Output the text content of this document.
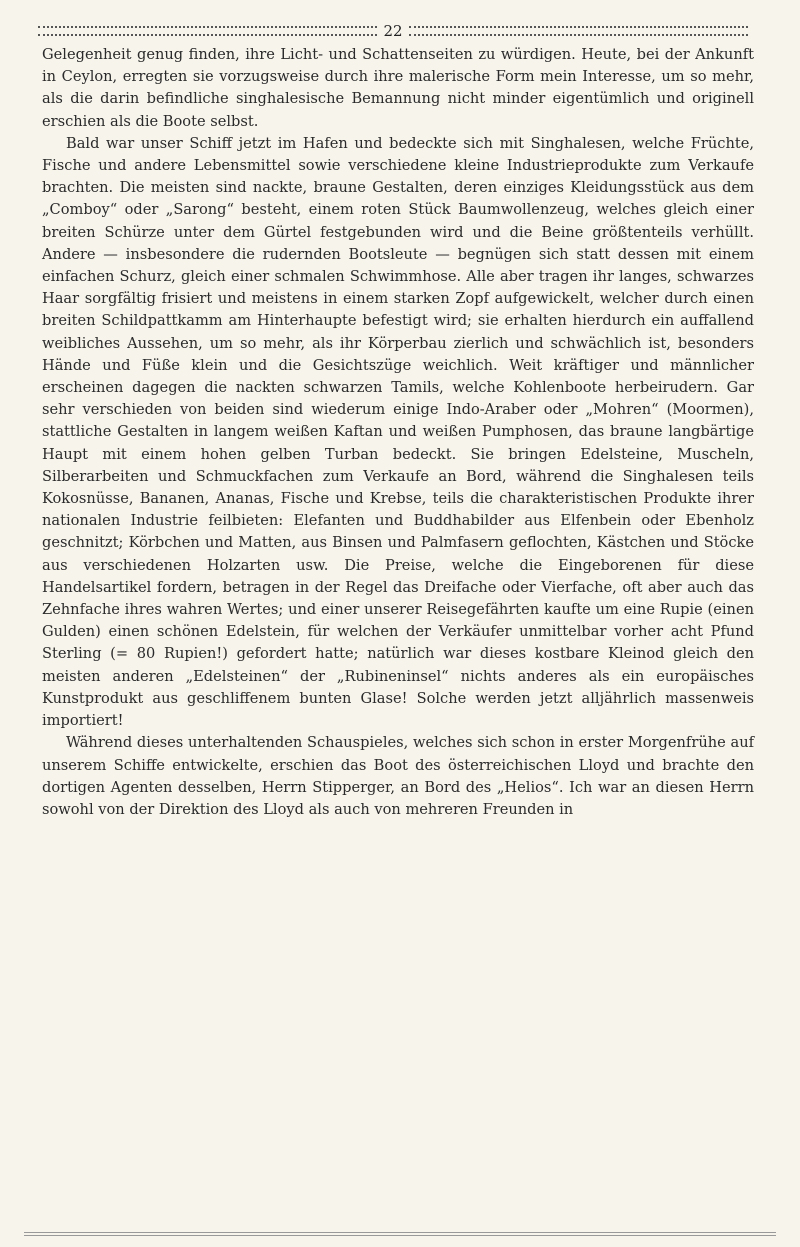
22

Gelegenheit genug finden, ihre Licht- und Schattenseiten zu würdigen. Heute, bei der Ankunft in Ceylon, erregten sie vorzugsweise durch ihre malerische Form mein Interesse, um so mehr, als die darin befindliche singhalesische Bemannung nicht minder eigentümlich und originell erschien als die Boote selbst.

Bald war unser Schiff jetzt im Hafen und bedeckte sich mit Singhalesen, welche Früchte, Fische und andere Lebensmittel sowie verschiedene kleine Industrieprodukte zum Verkaufe brachten. Die meisten sind nackte, braune Gestalten, deren einziges Kleidungsstück aus dem „Comboy“ oder „Sarong“ besteht, einem roten Stück Baumwollenzeug, welches gleich einer breiten Schürze unter dem Gürtel festgebunden wird und die Beine größtenteils verhüllt. Andere — insbesondere die rudernden Bootsleute — begnügen sich statt dessen mit einem einfachen Schurz, gleich einer schmalen Schwimmhose. Alle aber tragen ihr langes, schwarzes Haar sorgfältig frisiert und meistens in einem starken Zopf aufgewickelt, welcher durch einen breiten Schildpattkamm am Hinterhaupte befestigt wird; sie erhalten hierdurch ein auffallend weibliches Aussehen, um so mehr, als ihr Körperbau zierlich und schwächlich ist, besonders Hände und Füße klein und die Gesichtszüge weichlich. Weit kräftiger und männlicher erscheinen dagegen die nackten schwarzen Tamils, welche Kohlenboote herbeirudern. Gar sehr verschieden von beiden sind wiederum einige Indo-Araber oder „Mohren“ (Moormen), stattliche Gestalten in langem weißen Kaftan und weißen Pumphosen, das braune langbärtige Haupt mit einem hohen gelben Turban bedeckt. Sie bringen Edelsteine, Muscheln, Silberarbeiten und Schmuckfachen zum Verkaufe an Bord, während die Singhalesen teils Kokosnüsse, Bananen, Ananas, Fische und Krebse, teils die charakteristischen Produkte ihrer nationalen Industrie feilbieten: Elefanten und Buddhabilder aus Elfenbein oder Ebenholz geschnitzt; Körbchen und Matten, aus Binsen und Palmfasern geflochten, Kästchen und Stöcke aus verschiedenen Holzarten usw. Die Preise, welche die Eingeborenen für diese Handelsartikel fordern, betragen in der Regel das Dreifache oder Vierfache, oft aber auch das Zehnfache ihres wahren Wertes; und einer unserer Reisegefährten kaufte um eine Rupie (einen Gulden) einen schönen Edelstein, für welchen der Verkäufer unmittelbar vorher acht Pfund Sterling (= 80 Rupien!) gefordert hatte; natürlich war dieses kostbare Kleinod gleich den meisten anderen „Edelsteinen“ der „Rubineninsel“ nichts anderes als ein europäisches Kunstprodukt aus geschliffenem bunten Glase! Solche werden jetzt alljährlich massenweis importiert!

Während dieses unterhaltenden Schauspieles, welches sich schon in erster Morgenfrühe auf unserem Schiffe entwickelte, erschien das Boot des österreichischen Lloyd und brachte den dortigen Agenten desselben, Herrn Stipperger, an Bord des „Helios“. Ich war an diesen Herrn sowohl von der Direktion des Lloyd als auch von mehreren Freunden in
